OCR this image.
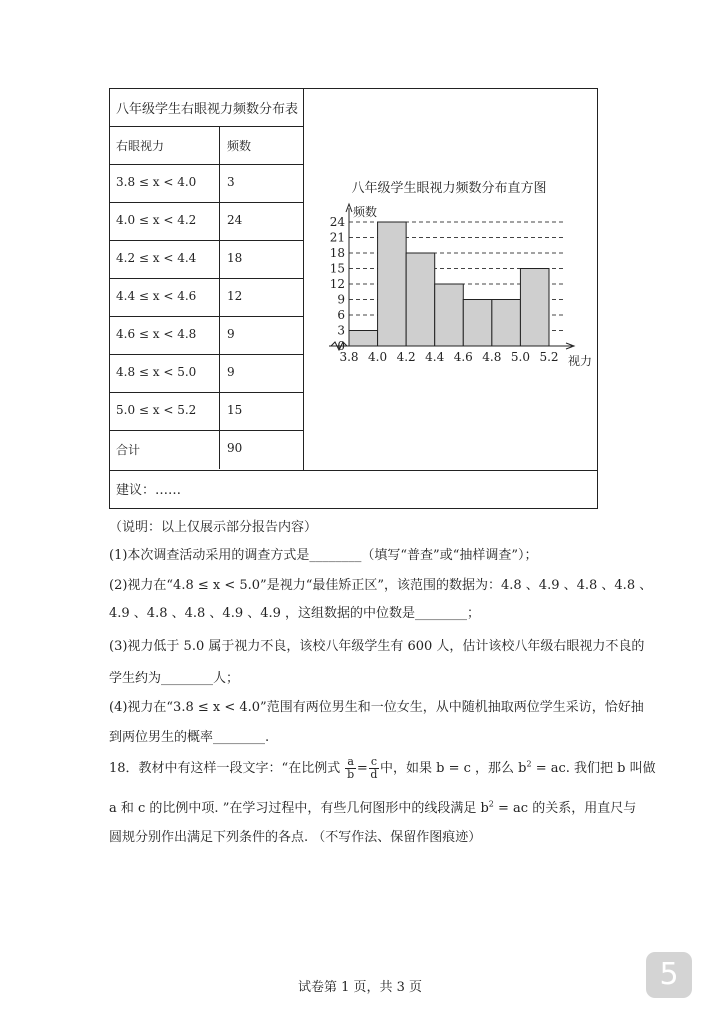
八年级学生右眼视力频数分布表
右眼视力	频数
3.8 ≤ x < 4.0	3
4.0 ≤ x < 4.2	24
4.2 ≤ x < 4.4	18
4.4 ≤ x < 4.6	12
4.6 ≤ x < 4.8	9
4.8 ≤ x < 5.0	9
5.0 ≤ x < 5.2	15
合计	90
建议：……
八年级学生眼视力频数分布直方图
0
3
6
9
12
15
18
21
24
3.8 4.0 4.2 4.4 4.6 4.8 5.0 5.2
频数
视力
（说明：以上仅展示部分报告内容）
(1)本次调查活动采用的调查方式是________（填写“普查”或“抽样调查”）；
(2)视力在“4.8 ≤ x < 5.0”是视力“最佳矫正区”，该范围的数据为：4.8 、4.9 、4.8 、4.8 、
4.9 、4.8 、4.8 、4.9 、4.9 ，这组数据的中位数是________；
(3)视力低于 5.0 属于视力不良，该校八年级学生有 600 人，估计该校八年级右眼视力不良的
学生约为________人；
(4)视力在“3.8 ≤ x < 4.0”范围有两位男生和一位女生，从中随机抽取两位学生采访，恰好抽
到两位男生的概率________.
18．教材中有这样一段文字：“在比例式 $\frac{a}{b} = \frac{c}{d}$ 中，如果 b = c ，那么 $b^2$ = ac. 我们把 b 叫做
a 和 c 的比例中项. ”在学习过程中，有些几何图形中的线段满足 $b^2$ = ac 的关系，用直尺与
圆规分别作出满足下列条件的各点. （不写作法、保留作图痕迹）
试卷第 1 页，共 3 页	5
